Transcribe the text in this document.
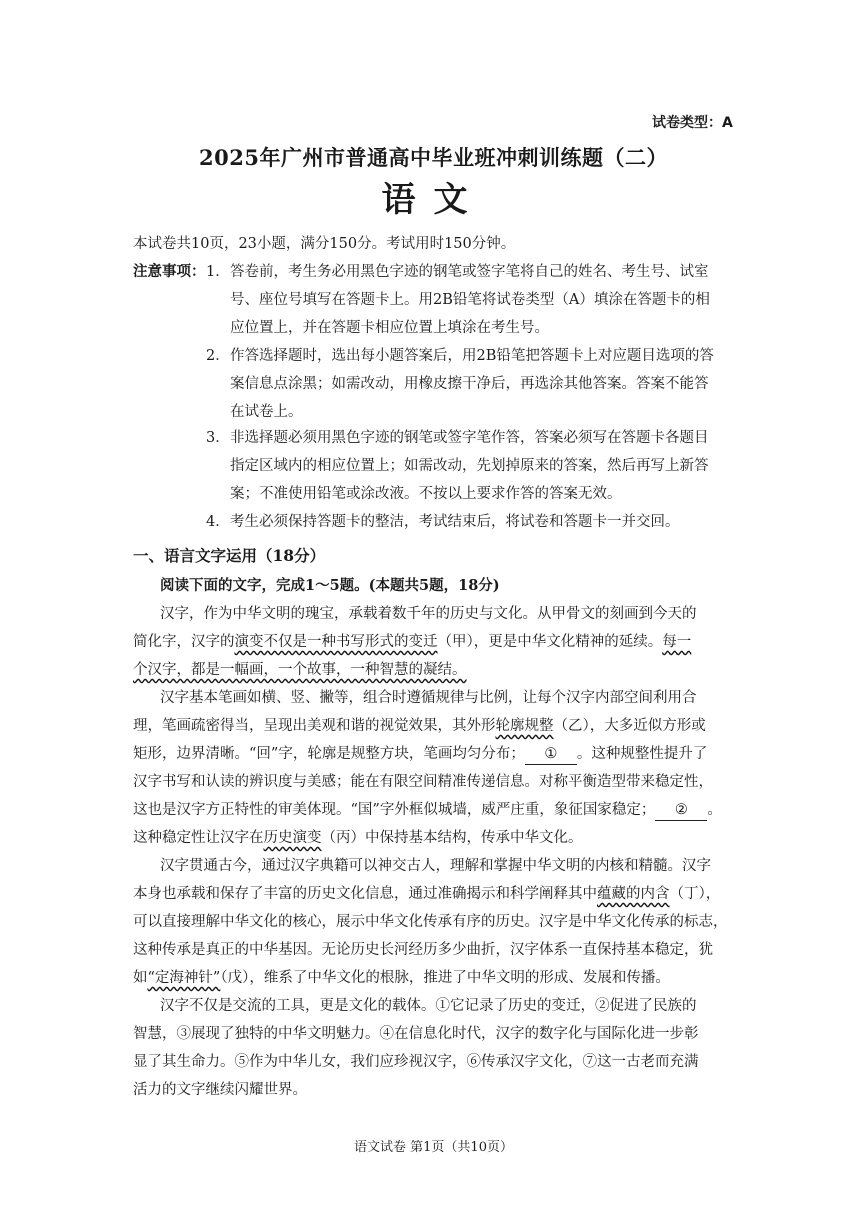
试卷类型：A
2025年广州市普通高中毕业班冲刺训练题（二）
语文
本试卷共10页，23小题，满分150分。考试用时150分钟。
注意事项： 1． 答卷前，考生务必用黑色字迹的钢笔或签字笔将自己的姓名、考生号、试室
号、座位号填写在答题卡上。用2B铅笔将试卷类型（A）填涂在答题卡的相
应位置上，并在答题卡相应位置上填涂在考生号。
2． 作答选择题时，选出每小题答案后，用2B铅笔把答题卡上对应题目选项的答
案信息点涂黑；如需改动，用橡皮擦干净后，再选涂其他答案。答案不能答
在试卷上。
3． 非选择题必须用黑色字迹的钢笔或签字笔作答，答案必须写在答题卡各题目
指定区域内的相应位置上；如需改动，先划掉原来的答案，然后再写上新答
案；不准使用铅笔或涂改液。不按以上要求作答的答案无效。
4． 考生必须保持答题卡的整洁，考试结束后，将试卷和答题卡一并交回。
一、语言文字运用（18分）
阅读下面的文字，完成1～5题。(本题共5题，18分)
汉字，作为中华文明的瑰宝，承载着数千年的历史与文化。从甲骨文的刻画到今天的
简化字，汉字的演变不仅是一种书写形式的变迁（甲），更是中华文化精神的延续。每一
个汉字，都是一幅画，一个故事，一种智慧的凝结。
汉字基本笔画如横、竖、撇等，组合时遵循规律与比例，让每个汉字内部空间利用合
理，笔画疏密得当，呈现出美观和谐的视觉效果，其外形轮廓规整（乙），大多近似方形或
矩形，边界清晰。“回”字，轮廓是规整方块，笔画均匀分布； ① 。这种规整性提升了
汉字书写和认读的辨识度与美感；能在有限空间精准传递信息。对称平衡造型带来稳定性，
这也是汉字方正特性的审美体现。“国”字外框似城墙，威严庄重，象征国家稳定； ② 。
这种稳定性让汉字在历史演变（丙）中保持基本结构，传承中华文化。
汉字贯通古今，通过汉字典籍可以神交古人，理解和掌握中华文明的内核和精髓。汉字
本身也承载和保存了丰富的历史文化信息，通过准确揭示和科学阐释其中蕴藏的内含（丁），
可以直接理解中华文化的核心，展示中华文化传承有序的历史。汉字是中华文化传承的标志，
这种传承是真正的中华基因。无论历史长河经历多少曲折，汉字体系一直保持基本稳定，犹
如“定海神针”（戊），维系了中华文化的根脉，推进了中华文明的形成、发展和传播。
汉字不仅是交流的工具，更是文化的载体。①它记录了历史的变迁，②促进了民族的
智慧，③展现了独特的中华文明魅力。④在信息化时代，汉字的数字化与国际化进一步彰
显了其生命力。⑤作为中华儿女，我们应珍视汉字，⑥传承汉字文化，⑦这一古老而充满
活力的文字继续闪耀世界。
语文试卷 第1页（共10页）
